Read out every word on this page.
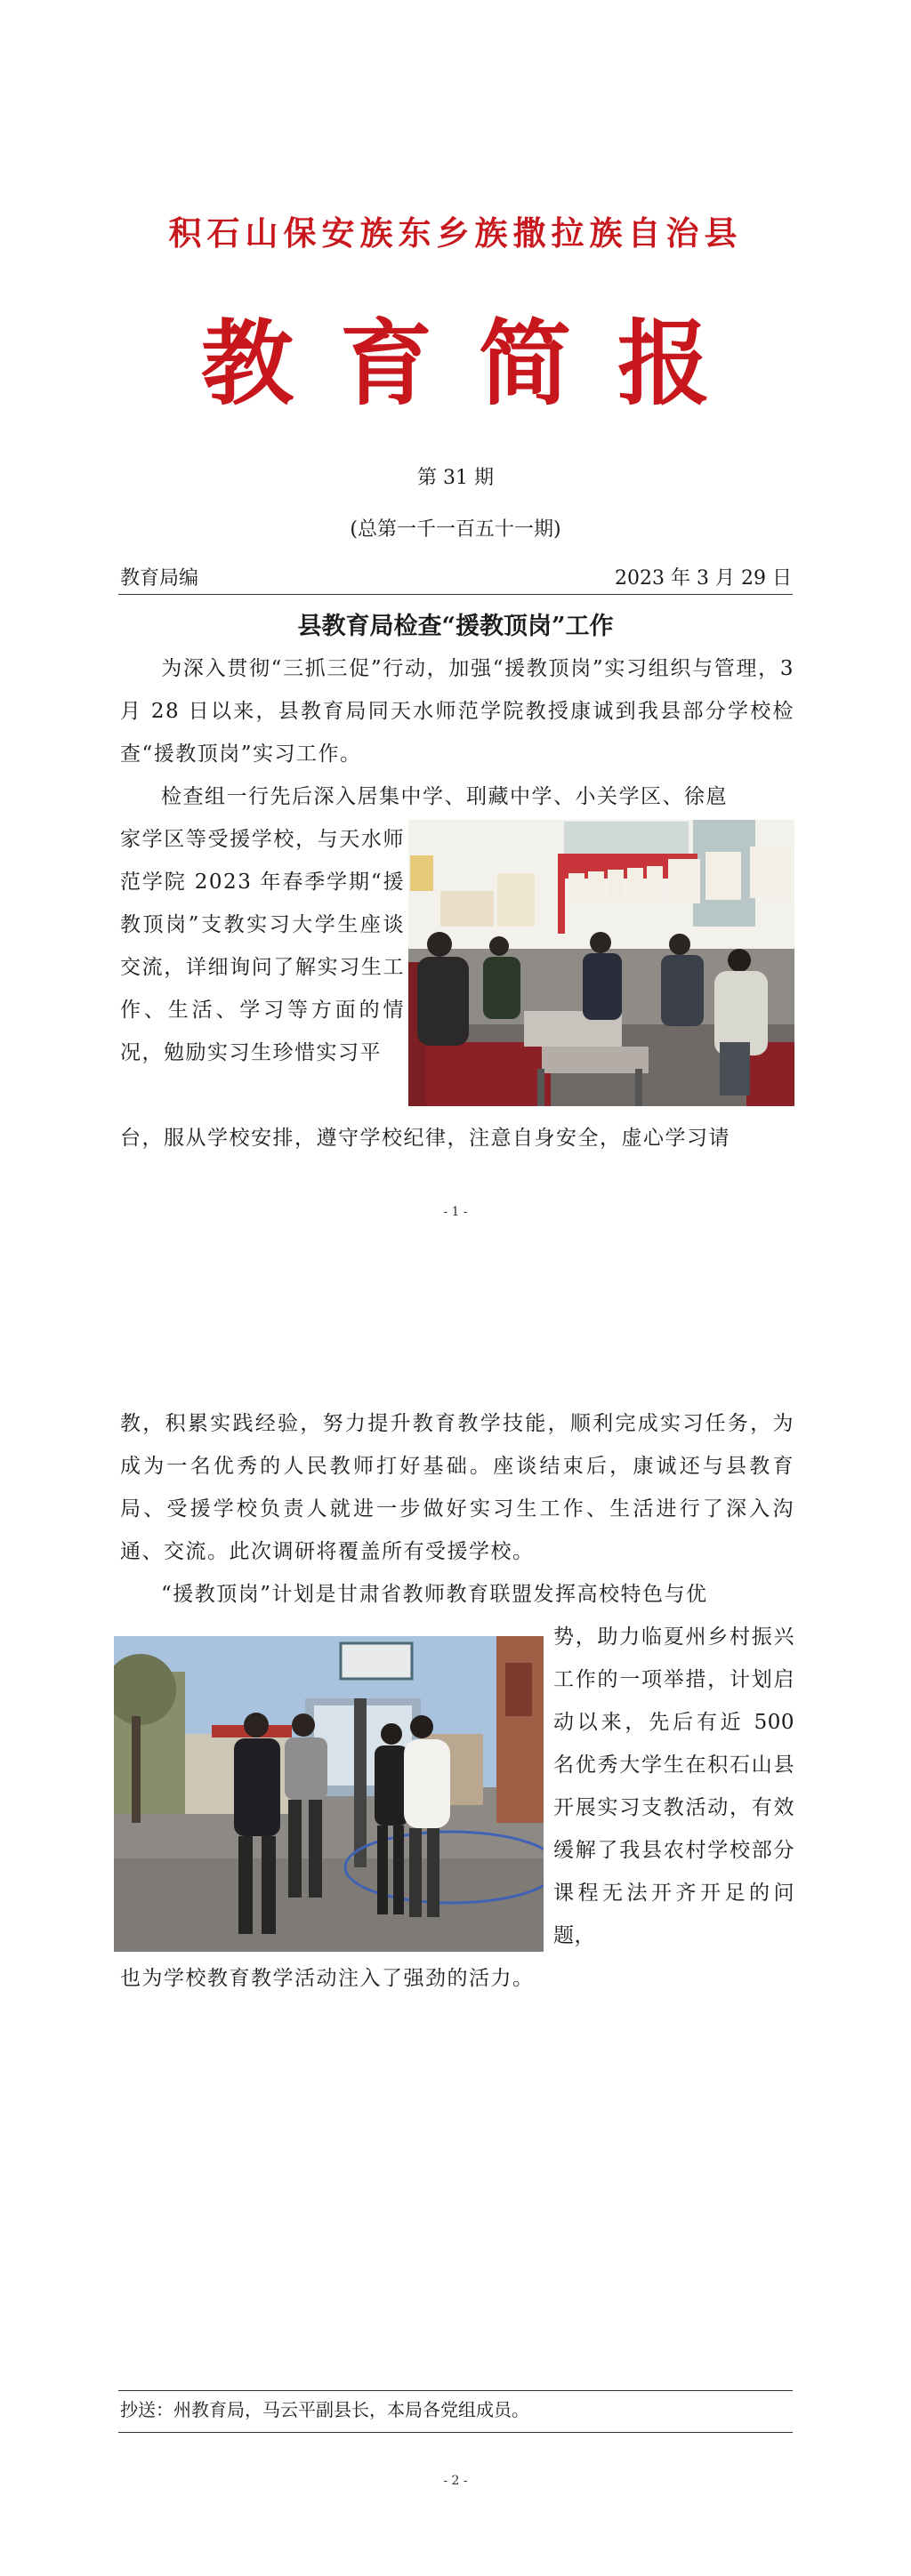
积石山保安族东乡族撒拉族自治县
教育简报
第 31 期
(总第一千一百五十一期)
教育局编	2023 年 3 月 29 日
县教育局检查“援教顶岗”工作
为深入贯彻“三抓三促”行动，加强“援教顶岗”实习组织与管理，3 月 28 日以来，县教育局同天水师范学院教授康诚到我县部分学校检查“援教顶岗”实习工作。
检查组一行先后深入居集中学、刵藏中学、小关学区、徐扈
家学区等受援学校，与天水师范学院 2023 年春季学期“援教顶岗”支教实习大学生座谈交流，详细询问了解实习生工作、生活、学习等方面的情况，勉励实习生珍惜实习平
台，服从学校安排，遵守学校纪律，注意自身安全，虚心学习请
- 1 -
教，积累实践经验，努力提升教育教学技能，顺利完成实习任务，为成为一名优秀的人民教师打好基础。座谈结束后，康诚还与县教育局、受援学校负责人就进一步做好实习生工作、生活进行了深入沟通、交流。此次调研将覆盖所有受援学校。
“援教顶岗”计划是甘肃省教师教育联盟发挥高校特色与优
势，助力临夏州乡村振兴工作的一项举措，计划启动以来，先后有近 500 名优秀大学生在积石山县开展实习支教活动，有效缓解了我县农村学校部分课程无法开齐开足的问题，
也为学校教育教学活动注入了强劲的活力。
抄送：州教育局，马云平副县长，本局各党组成员。
- 2 -
